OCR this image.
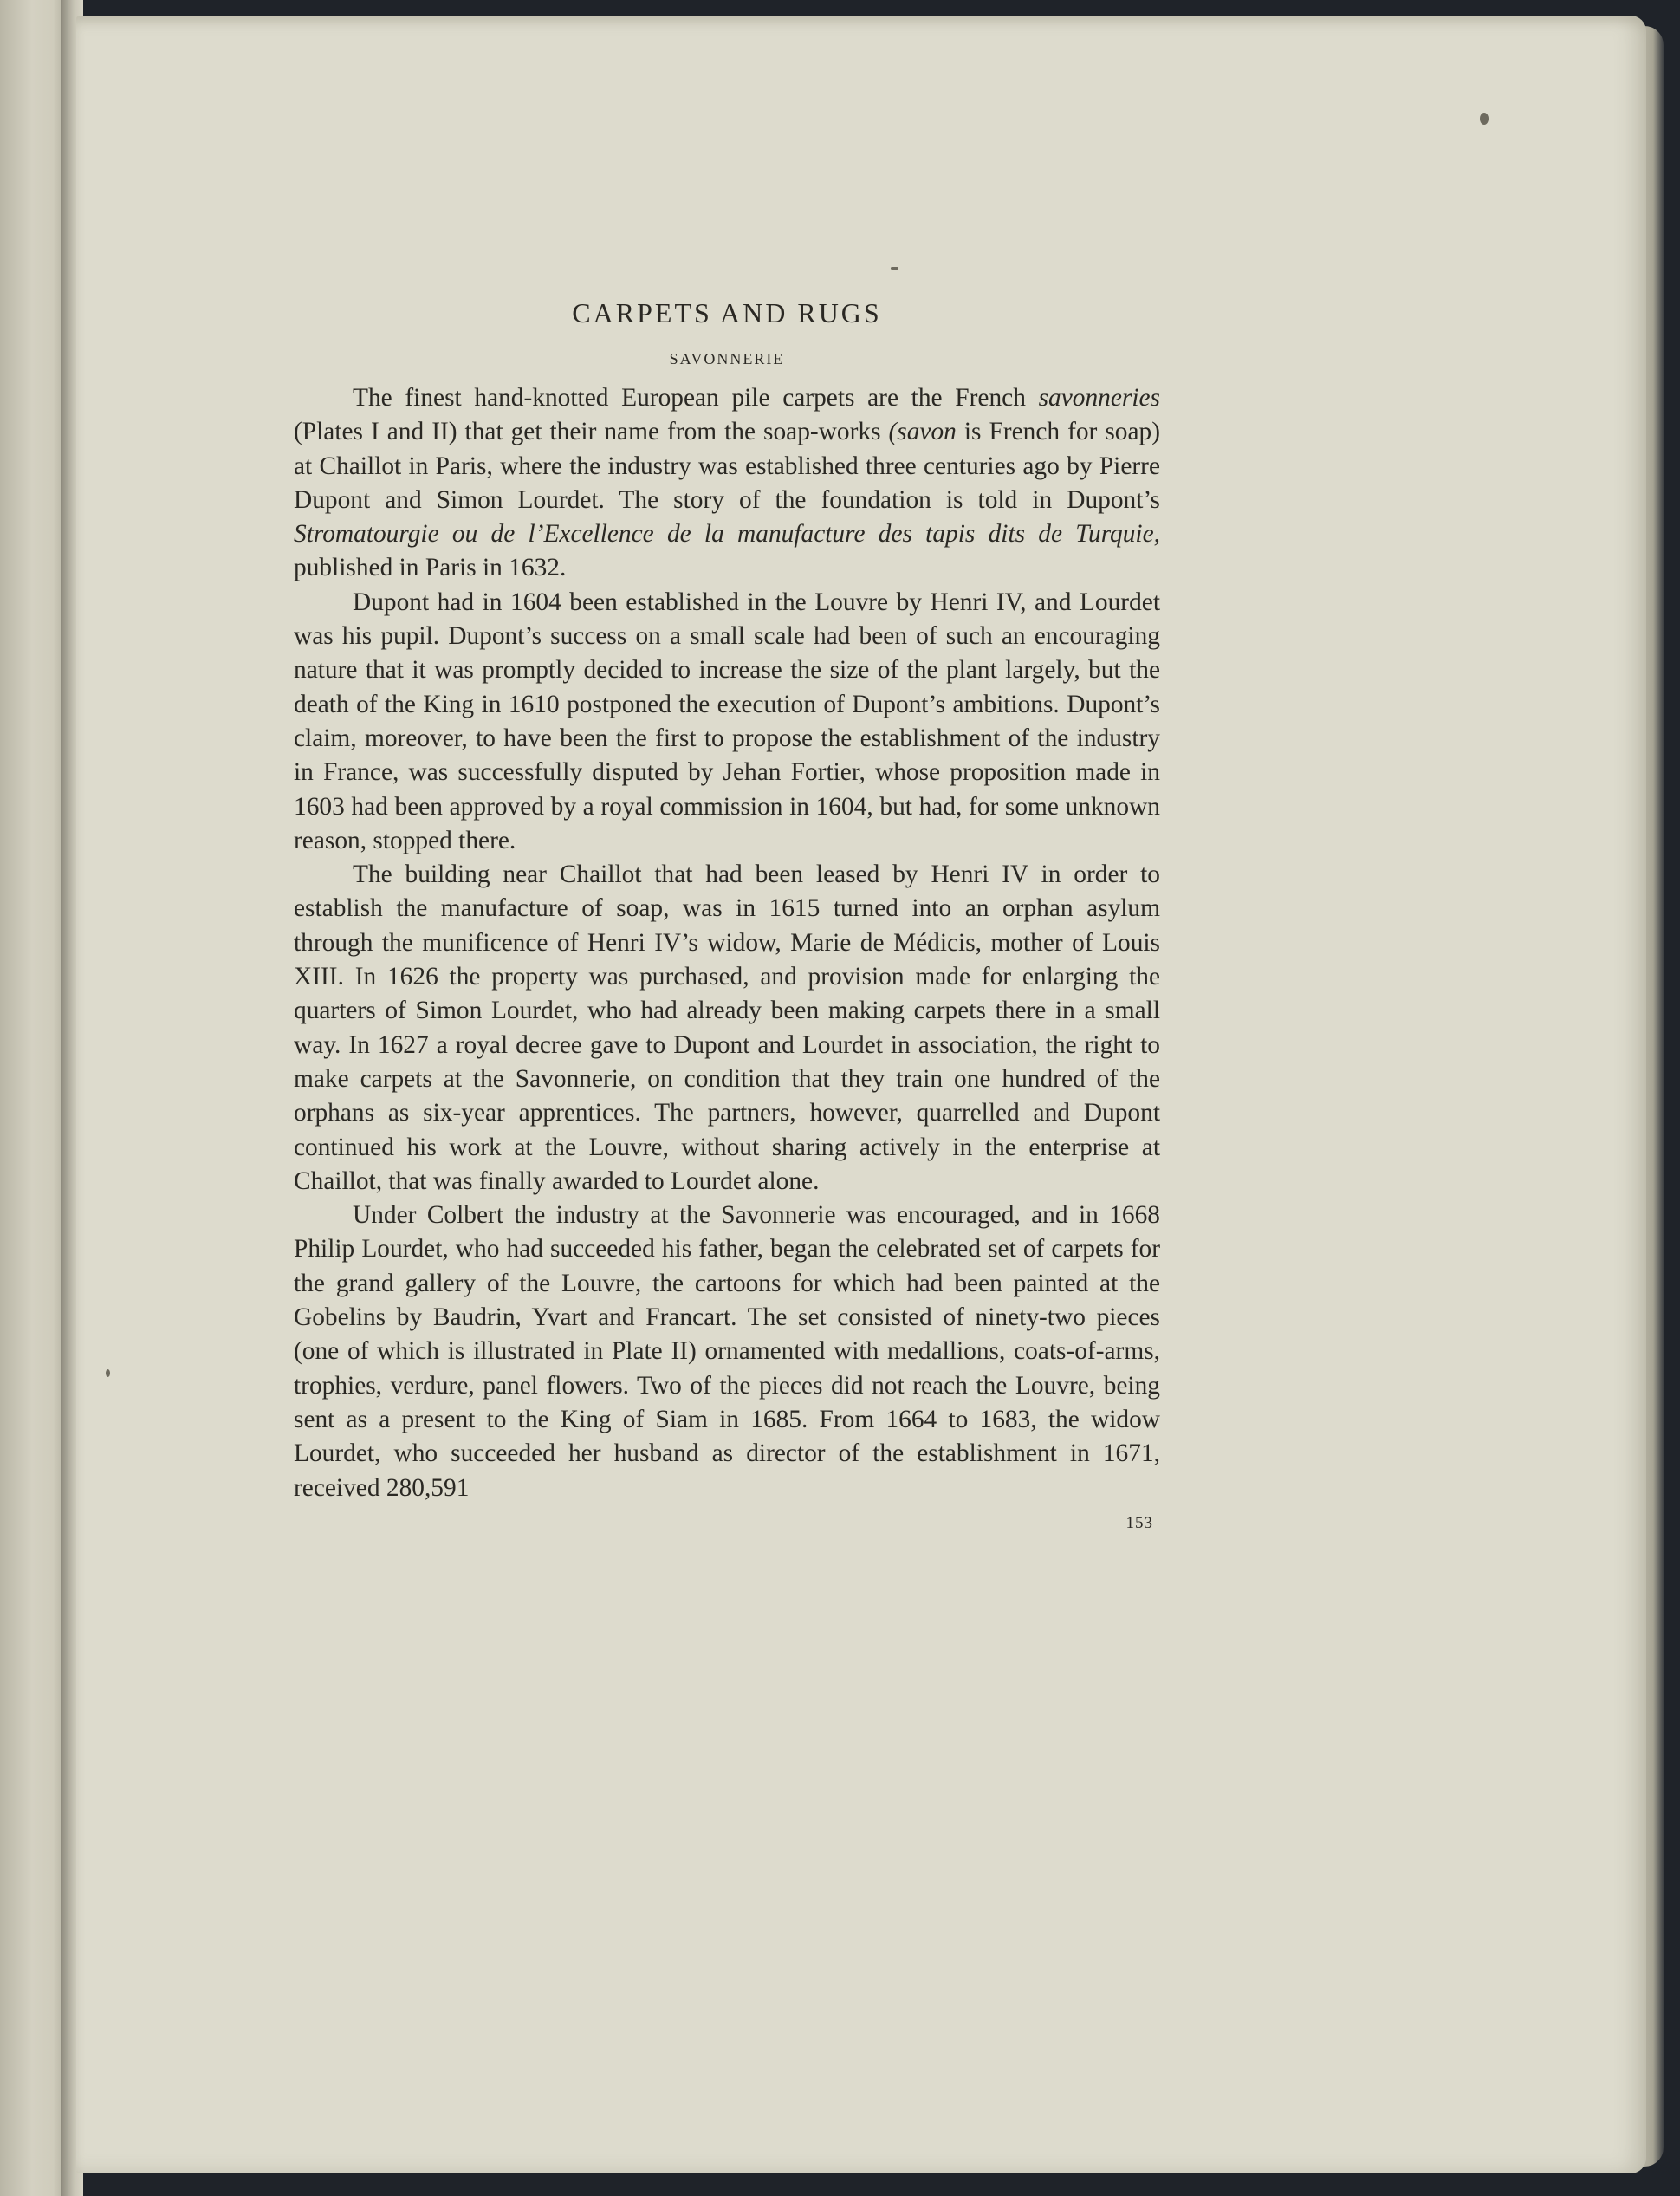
CARPETS AND RUGS

SAVONNERIE

The finest hand-knotted European pile carpets are the French savonneries (Plates I and II) that get their name from the soap-works (savon is French for soap) at Chaillot in Paris, where the industry was established three centuries ago by Pierre Dupont and Simon Lourdet. The story of the foundation is told in Dupont’s Stromatourgie ou de l’Excellence de la manufacture des tapis dits de Turquie, published in Paris in 1632.

Dupont had in 1604 been established in the Louvre by Henri IV, and Lourdet was his pupil. Dupont’s success on a small scale had been of such an encouraging nature that it was promptly decided to increase the size of the plant largely, but the death of the King in 1610 postponed the execution of Dupont’s ambitions. Dupont’s claim, moreover, to have been the first to propose the establishment of the industry in France, was successfully disputed by Jehan Fortier, whose proposition made in 1603 had been approved by a royal commission in 1604, but had, for some unknown reason, stopped there.

The building near Chaillot that had been leased by Henri IV in order to establish the manufacture of soap, was in 1615 turned into an orphan asylum through the munificence of Henri IV’s widow, Marie de Médicis, mother of Louis XIII. In 1626 the property was purchased, and provision made for enlarging the quarters of Simon Lourdet, who had already been making carpets there in a small way. In 1627 a royal decree gave to Dupont and Lourdet in association, the right to make carpets at the Savonnerie, on condition that they train one hundred of the orphans as six-year apprentices. The partners, however, quarrelled and Dupont continued his work at the Louvre, without sharing actively in the enterprise at Chaillot, that was finally awarded to Lourdet alone.

Under Colbert the industry at the Savonnerie was encouraged, and in 1668 Philip Lourdet, who had succeeded his father, began the celebrated set of carpets for the grand gallery of the Louvre, the cartoons for which had been painted at the Gobelins by Baudrin, Yvart and Francart. The set consisted of ninety-two pieces (one of which is illustrated in Plate II) ornamented with medallions, coats-of-arms, trophies, verdure, panel flowers. Two of the pieces did not reach the Louvre, being sent as a present to the King of Siam in 1685. From 1664 to 1683, the widow Lourdet, who succeeded her husband as director of the establishment in 1671, received 280,591

153
